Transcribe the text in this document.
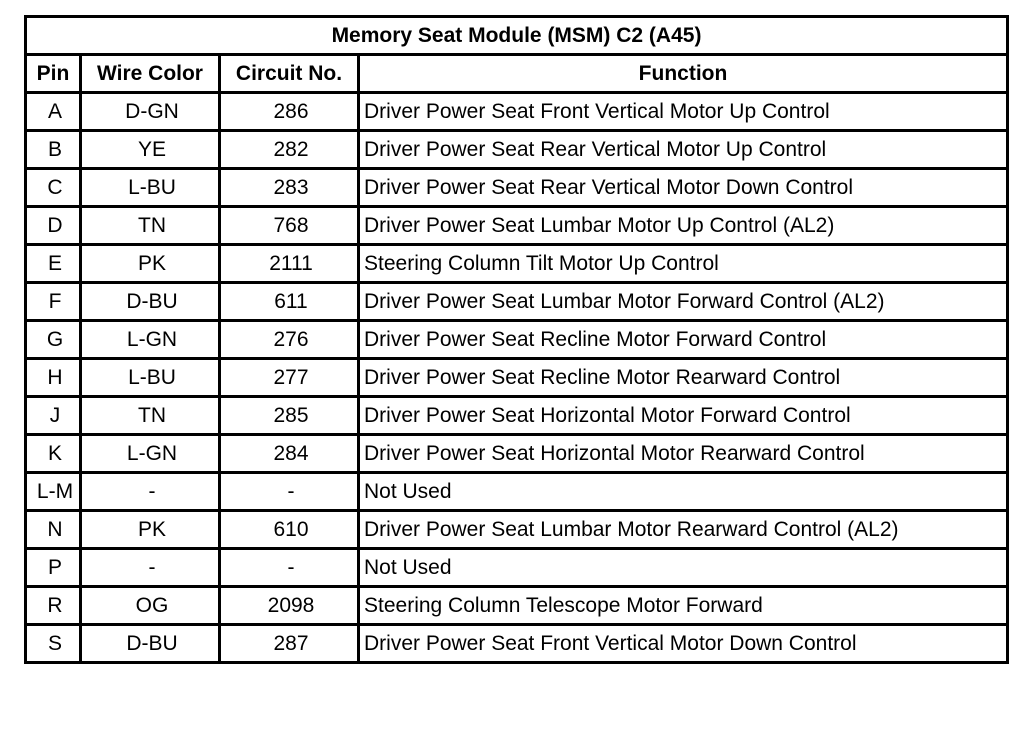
Memory Seat Module (MSM) C2 (A45)			
Pin	Wire Color	Circuit No.	Function
A	D-GN	286	Driver Power Seat Front Vertical Motor Up Control
B	YE	282	Driver Power Seat Rear Vertical Motor Up Control
C	L-BU	283	Driver Power Seat Rear Vertical Motor Down Control
D	TN	768	Driver Power Seat Lumbar Motor Up Control (AL2)
E	PK	2111	Steering Column Tilt Motor Up Control
F	D-BU	611	Driver Power Seat Lumbar Motor Forward Control (AL2)
G	L-GN	276	Driver Power Seat Recline Motor Forward Control
H	L-BU	277	Driver Power Seat Recline Motor Rearward Control
J	TN	285	Driver Power Seat Horizontal Motor Forward Control
K	L-GN	284	Driver Power Seat Horizontal Motor Rearward Control
L-M	-	-	Not Used
N	PK	610	Driver Power Seat Lumbar Motor Rearward Control (AL2)
P	-	-	Not Used
R	OG	2098	Steering Column Telescope Motor Forward
S	D-BU	287	Driver Power Seat Front Vertical Motor Down Control
